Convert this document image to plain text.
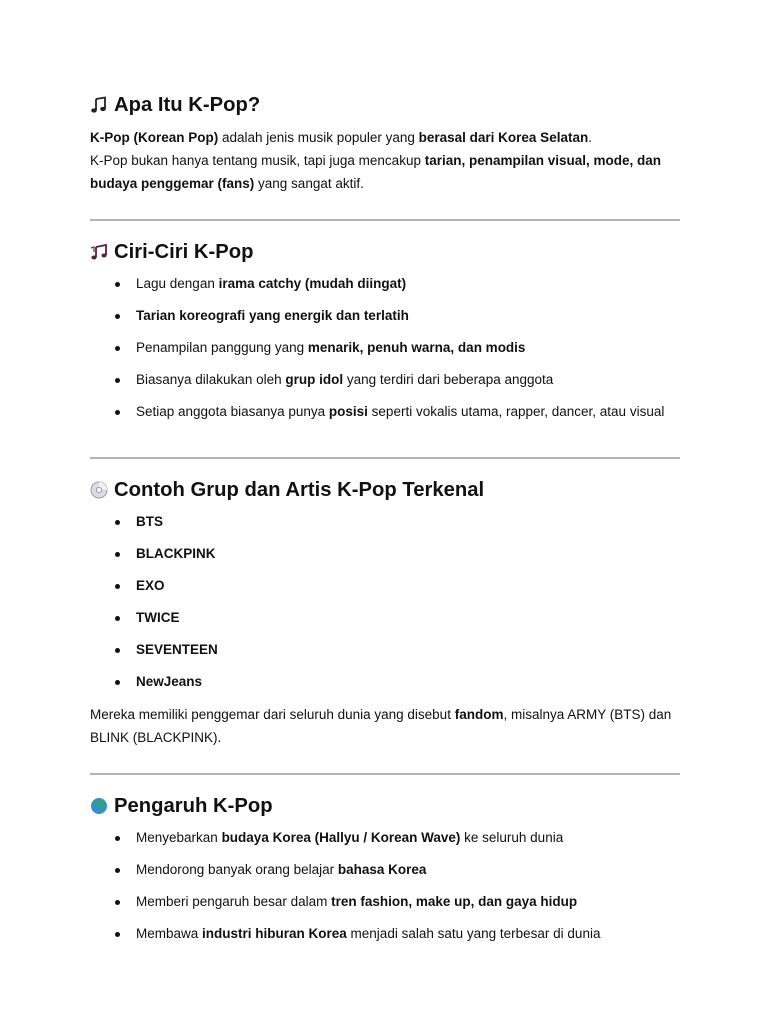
Apa Itu K-Pop?

K-Pop (Korean Pop) adalah jenis musik populer yang berasal dari Korea Selatan.
K-Pop bukan hanya tentang musik, tapi juga mencakup tarian, penampilan visual, mode, dan budaya penggemar (fans) yang sangat aktif.

Ciri-Ciri K-Pop
Lagu dengan irama catchy (mudah diingat)
Tarian koreografi yang energik dan terlatih
Penampilan panggung yang menarik, penuh warna, dan modis
Biasanya dilakukan oleh grup idol yang terdiri dari beberapa anggota
Setiap anggota biasanya punya posisi seperti vokalis utama, rapper, dancer, atau visual
Contoh Grup dan Artis K-Pop Terkenal
BTS
BLACKPINK
EXO
TWICE
SEVENTEEN
NewJeans

Mereka memiliki penggemar dari seluruh dunia yang disebut fandom, misalnya ARMY (BTS) dan BLINK (BLACKPINK).

Pengaruh K-Pop
Menyebarkan budaya Korea (Hallyu / Korean Wave) ke seluruh dunia
Mendorong banyak orang belajar bahasa Korea
Memberi pengaruh besar dalam tren fashion, make up, dan gaya hidup
Membawa industri hiburan Korea menjadi salah satu yang terbesar di dunia
